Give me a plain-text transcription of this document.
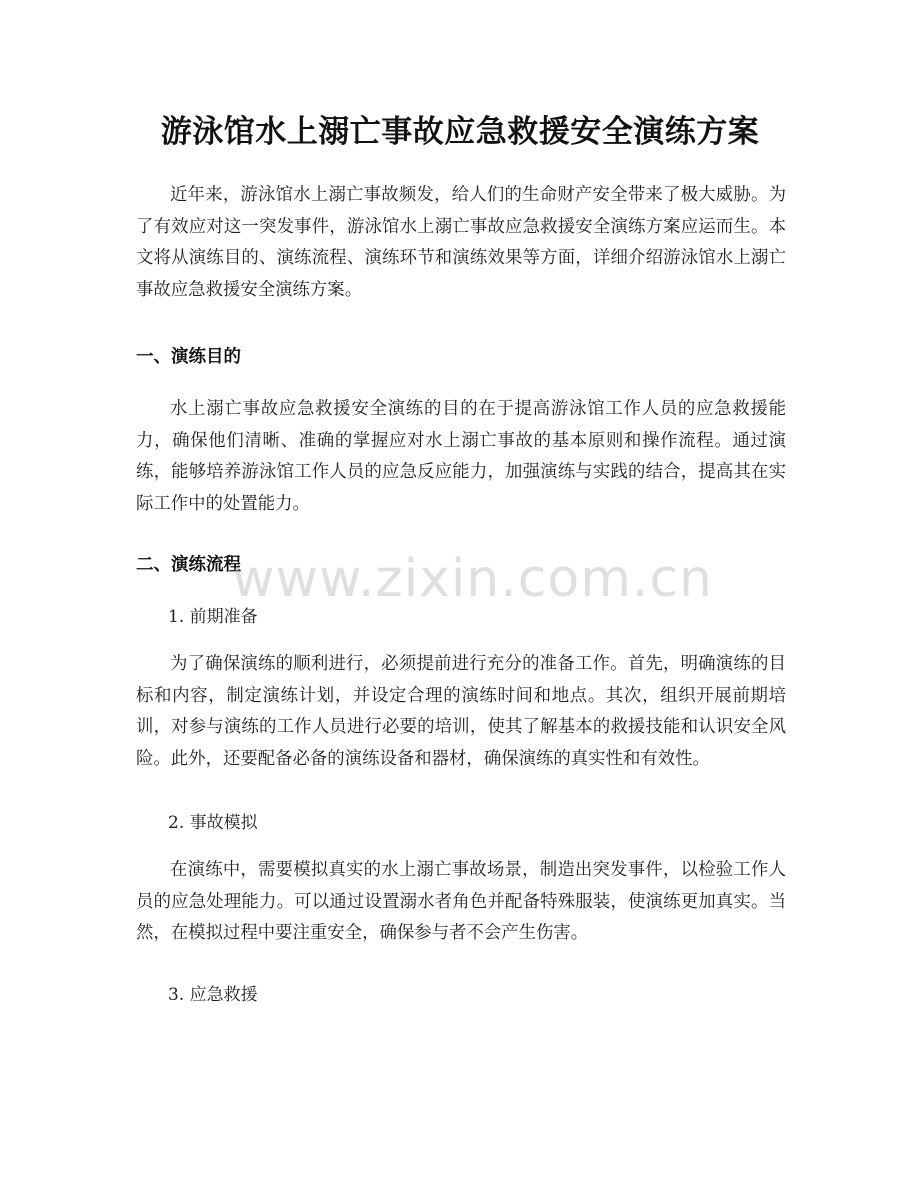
游泳馆水上溺亡事故应急救援安全演练方案
近年来，游泳馆水上溺亡事故频发，给人们的生命财产安全带来了极大威胁。为了有效应对这一突发事件，游泳馆水上溺亡事故应急救援安全演练方案应运而生。本文将从演练目的、演练流程、演练环节和演练效果等方面，详细介绍游泳馆水上溺亡事故应急救援安全演练方案。
一、演练目的
水上溺亡事故应急救援安全演练的目的在于提高游泳馆工作人员的应急救援能力，确保他们清晰、准确的掌握应对水上溺亡事故的基本原则和操作流程。通过演练，能够培养游泳馆工作人员的应急反应能力，加强演练与实践的结合，提高其在实际工作中的处置能力。
二、演练流程
1. 前期准备
为了确保演练的顺利进行，必须提前进行充分的准备工作。首先，明确演练的目标和内容，制定演练计划，并设定合理的演练时间和地点。其次，组织开展前期培训，对参与演练的工作人员进行必要的培训，使其了解基本的救援技能和认识安全风险。此外，还要配备必备的演练设备和器材，确保演练的真实性和有效性。
2. 事故模拟
在演练中，需要模拟真实的水上溺亡事故场景，制造出突发事件，以检验工作人员的应急处理能力。可以通过设置溺水者角色并配备特殊服装，使演练更加真实。当然，在模拟过程中要注重安全，确保参与者不会产生伤害。
3. 应急救援
www.zixin.com.cn
